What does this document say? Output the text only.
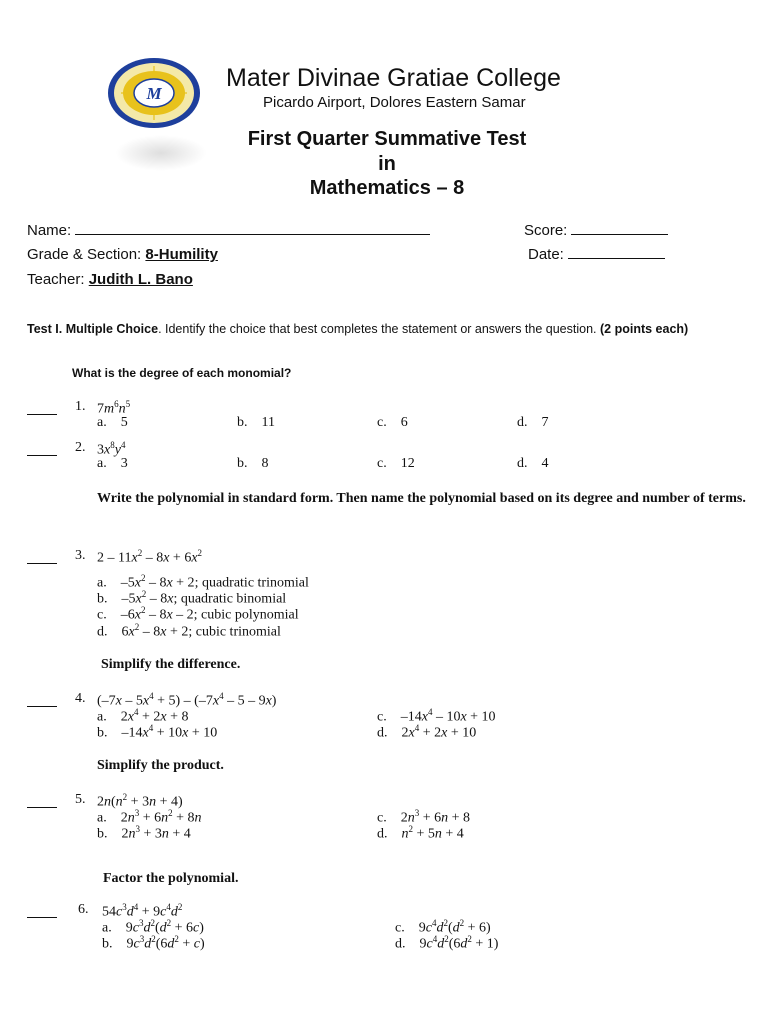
M
Mater Divinae Gratiae College
Picardo Airport, Dolores Eastern Samar
First Quarter Summative Test
in
Mathematics – 8
Name:	Score:
Grade & Section: 8-Humility	Date:
Teacher: Judith L. Bano
Test I. Multiple Choice. Identify the choice that best completes the statement or answers the question. (2 points each)
What is the degree of each monomial?
1. $7m^6n^5$
a. 5	b. 11	c. 6	d. 7
2. $3x^8y^4$
a. 3	b. 8	c. 12	d. 4
Write the polynomial in standard form. Then name the polynomial based on its degree and number of terms.
3. $2 - 11x^2 - 8x + 6x^2$
a.    $-5x^2 - 8x + 2$; quadratic trinomial
b.    $-5x^2 - 8x$; quadratic binomial
c.    $-6x^2 - 8x - 2$; cubic polynomial
d.    $6x^2 - 8x + 2$; cubic trinomial
Simplify the difference.
4. $(-7x - 5x^4 + 5) - (-7x^4 - 5 - 9x)$
a.    $2x^4 + 2x + 8$
b.    $-14x^4 + 10x + 10$
c.    $-14x^4 - 10x + 10$
d.    $2x^4 + 2x + 10$
Simplify the product.
5. $2n(n^2 + 3n + 4)$
a.    $2n^3 + 6n^2 + 8n$
b.    $2n^3 + 3n + 4$
c.    $2n^3 + 6n + 8$
d. $n^2 + 5n + 4$
Factor the polynomial.
6. $54c^3d^4 + 9c^4d^2$
a.    $9c^3d^2(d^2 + 6c)$
b.    $9c^3d^2(6d^2 + c)$
c.    $9c^4d^2(d^2 + 6)$
d.    $9c^4d^2(6d^2 + 1)$
